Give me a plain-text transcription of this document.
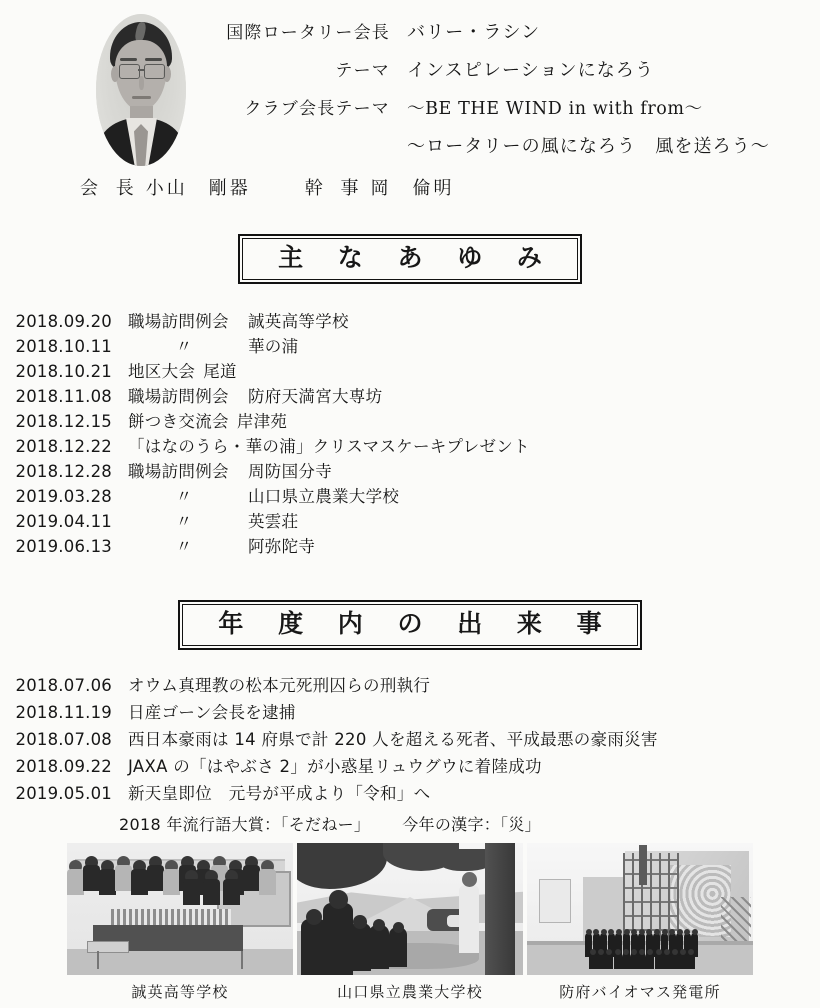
国際ロータリー会長 バリー・ラシン
テーマ インスピレーションになろう
クラブ会長テーマ ～BE THE WIND in with from～
～ロータリーの風になろう　風を送ろう～
会 長 小山　剛器	幹 事 岡　倫明
主 な あ ゆ み
2018.09.20 職場訪問例会 誠英高等学校
2018.10.11	〃	華の浦
2018.10.21 地区大会 尾道
2018.11.08 職場訪問例会 防府天満宮大専坊
2018.12.15 餅つき交流会 岸津苑
2018.12.22 「はなのうら・華の浦」クリスマスケーキプレゼント
2018.12.28 職場訪問例会 周防国分寺
2019.03.28	〃	山口県立農業大学校
2019.04.11	〃	英雲荘
2019.06.13	〃	阿弥陀寺
年 度 内 の 出 来 事
2018.07.06 オウム真理教の松本元死刑囚らの刑執行
2018.11.19 日産ゴーン会長を逮捕
2018.07.08 西日本豪雨は 14 府県で計 220 人を超える死者、平成最悪の豪雨災害
2018.09.22 JAXA の「はやぶさ 2」が小惑星リュウグウに着陸成功
2019.05.01 新天皇即位　元号が平成より「令和」へ
2018 年流行語大賞：「そだねー」 今年の漢字：「災」
誠英高等学校	山口県立農業大学校	防府バイオマス発電所
